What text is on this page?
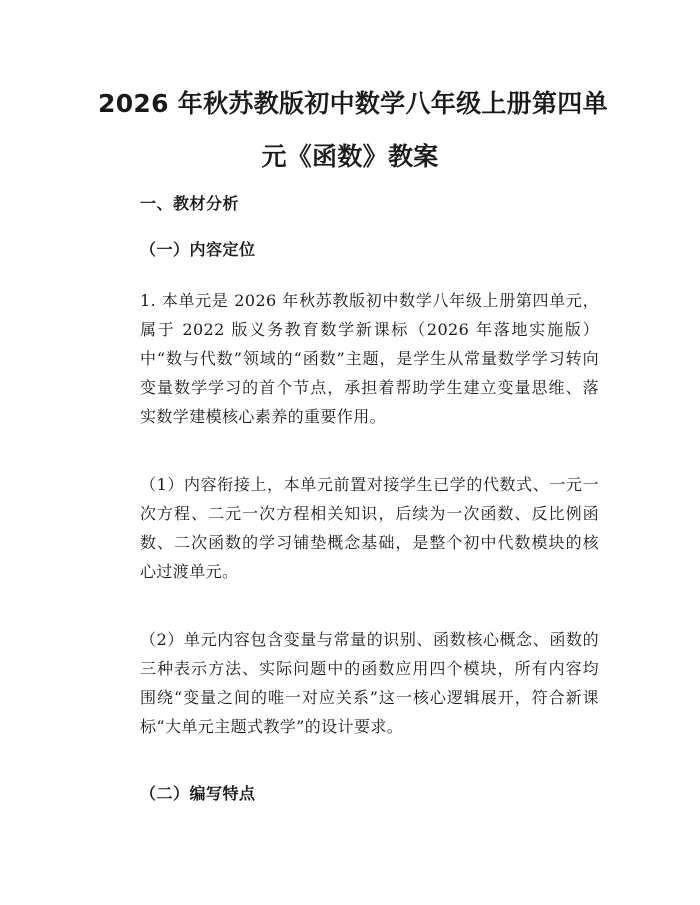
2026 年秋苏教版初中数学八年级上册第四单
元《函数》教案
一、教材分析
（一）内容定位

1. 本单元是 2026 年秋苏教版初中数学八年级上册第四单元，属于 2022 版义务教育数学新课标（2026 年落地实施版）中“数与代数”领域的“函数”主题，是学生从常量数学学习转向变量数学学习的首个节点，承担着帮助学生建立变量思维、落实数学建模核心素养的重要作用。

（1）内容衔接上，本单元前置对接学生已学的代数式、一元一次方程、二元一次方程相关知识，后续为一次函数、反比例函数、二次函数的学习铺垫概念基础，是整个初中代数模块的核心过渡单元。

（2）单元内容包含变量与常量的识别、函数核心概念、函数的三种表示方法、实际问题中的函数应用四个模块，所有内容均围绕“变量之间的唯一对应关系”这一核心逻辑展开，符合新课标“大单元主题式教学”的设计要求。

（二）编写特点
